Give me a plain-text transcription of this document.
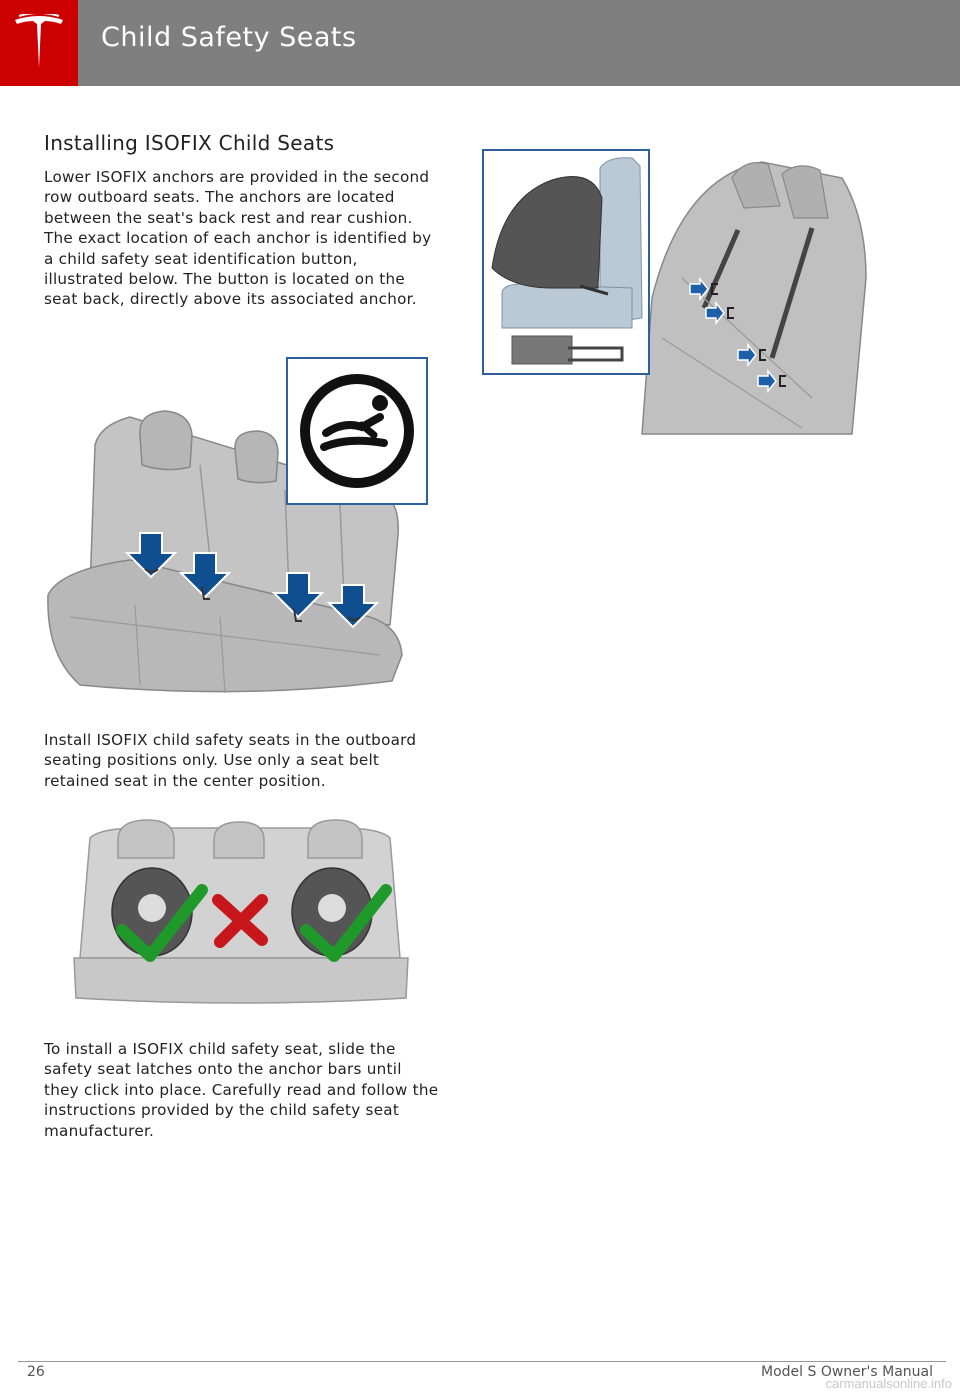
Child Safety Seats
Installing ISOFIX Child Seats

Lower ISOFIX anchors are provided in the second row outboard seats. The anchors are located between the seat's back rest and rear cushion. The exact location of each anchor is identified by a child safety seat identification button, illustrated below. The button is located on the seat back, directly above its associated anchor.

Install ISOFIX child safety seats in the outboard seating positions only. Use only a seat belt retained seat in the center position.

To install a ISOFIX child safety seat, slide the safety seat latches onto the anchor bars until they click into place. Carefully read and follow the instructions provided by the child safety seat manufacturer.

26	Model S Owner's Manual
carmanualsonline.info
